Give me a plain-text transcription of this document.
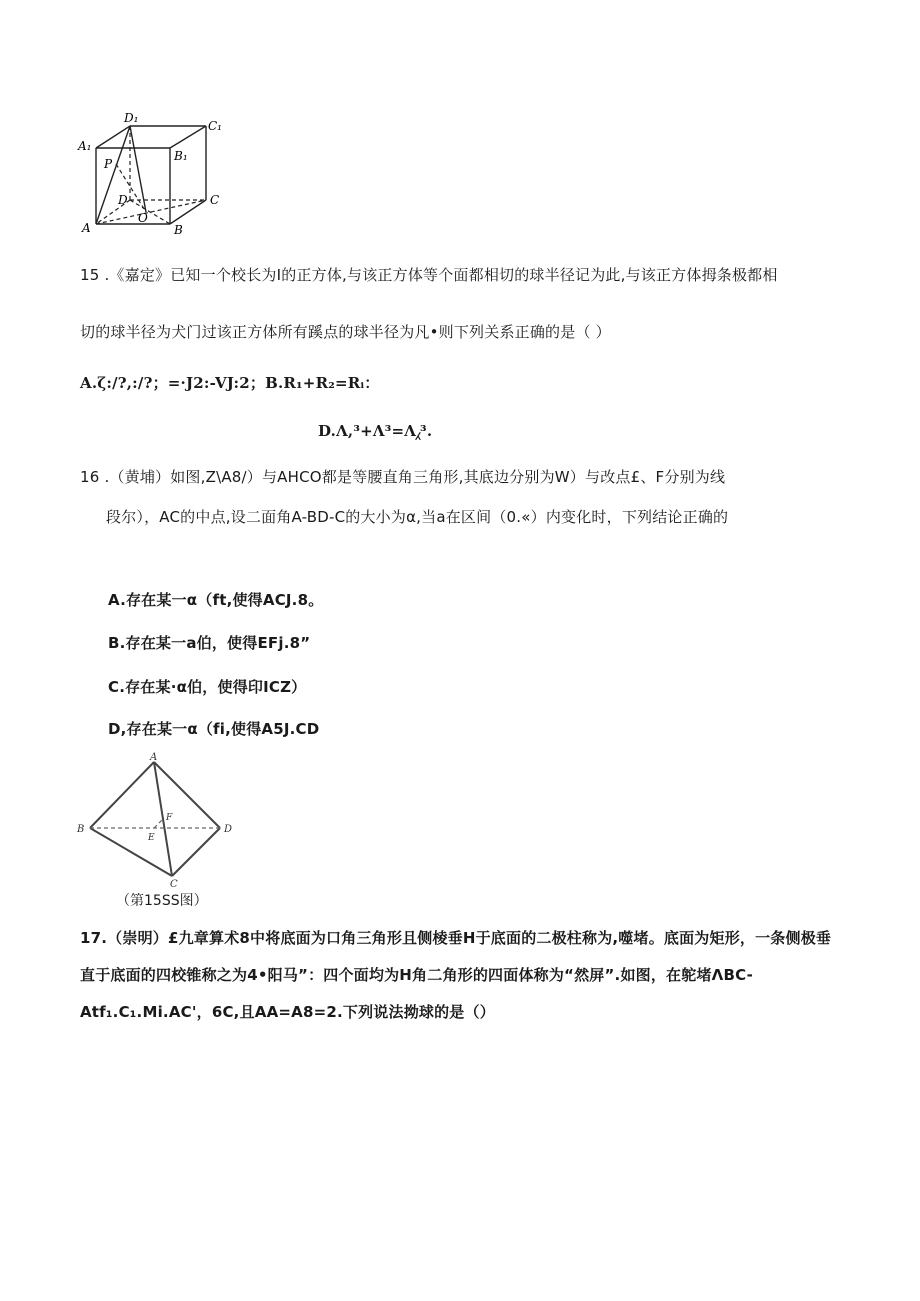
D₁
C₁
A₁
B₁
P
D	C
O
A	B
15 .《嘉定》已知一个校长为I的正方体,与该正方体等个面都相切的球半径记为此,与该正方体拇条极都相
切的球半径为犬门过该正方体所有蹊点的球半径为凡•则下列关系正确的是（ ）
A.ζ:/?,:/?；=·J2:-VJ:2；B.R₁+R₂=Rᵢ：
D.Λ,³+Λ³=Λ⁁³.
16 .（黄埔）如图,Z\A8∕）与AHCO都是等腰直角三角形,其底边分别为W）与改点£、F分别为线
段尔），AC的中点,设二面角A-BD-C的大小为α,当a在区间（0.«）内变化时，下列结论正确的
A.存在某一α（ft,使得ACJ.8。
B.存在某一a伯，使得EFj.8”
C.存在某·α伯，使得印ICZ）
D,存在某一α（fi,使得A5J.CD
A
B	D
C
E
F
（第15SS图）
17.（崇明）£九章算术8中将底面为口角三角形且侧棱垂H于底面的二极柱称为,噬堵。底面为矩形，一条侧极垂
直于底面的四校锥称之为4•阳马”：四个面均为H角二角形的四面体称为“然屏”.如图，在鸵堵ΛBC-
Atf₁.C₁.Mi.AC'，6C,且AA=A8=2.下列说法拗球的是（）
